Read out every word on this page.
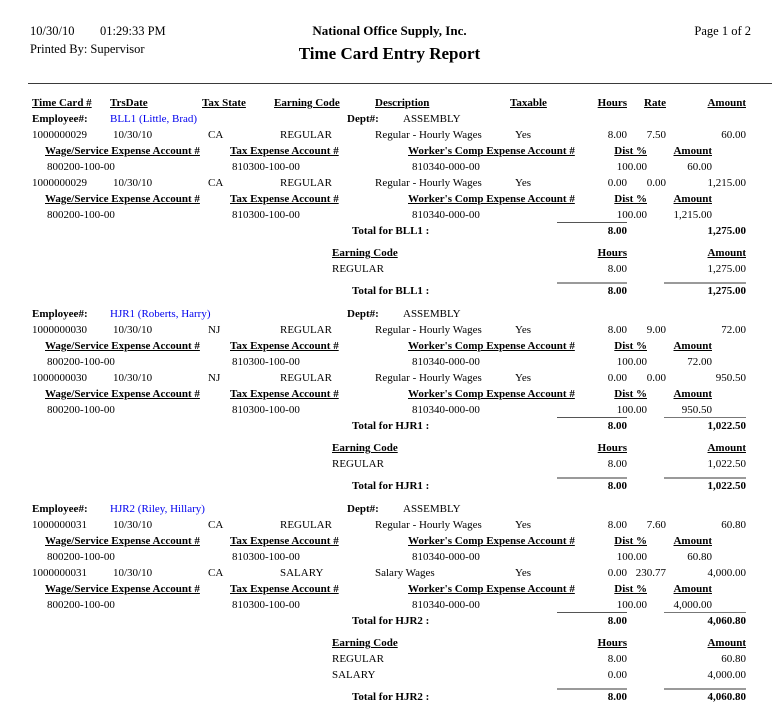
10/30/10 01:29:33 PM	National Office Supply, Inc.	Page 1 of 2
Printed By: Supervisor	Time Card Entry Report
Time Card # TrsDate	Tax State	Earning Code	Description	Taxable	Hours	Rate	Amount
Employee#: BLL1 (Little, Brad)	Dept#: ASSEMBLY
1000000029 10/30/10	CA	REGULAR	Regular - Hourly Wages	Yes	8.00	7.50	60.00
Wage/Service Expense Account #	Tax Expense Account #	Worker's Comp Expense Account #	Dist %	Amount
800200-100-00	810300-100-00	810340-000-00	100.00	60.00
1000000029 10/30/10	CA	REGULAR	Regular - Hourly Wages	Yes	0.00	0.00	1,215.00
Wage/Service Expense Account #	Tax Expense Account #	Worker's Comp Expense Account #	Dist %	Amount
800200-100-00	810300-100-00	810340-000-00	100.00	1,215.00
Total for BLL1 :	8.00	1,275.00
Earning Code	Hours	Amount
REGULAR	8.00	1,275.00
Total for BLL1 :	8.00	1,275.00
Employee#: HJR1 (Roberts, Harry)	Dept#: ASSEMBLY
1000000030 10/30/10	NJ	REGULAR	Regular - Hourly Wages	Yes	8.00	9.00	72.00
Wage/Service Expense Account #	Tax Expense Account #	Worker's Comp Expense Account #	Dist %	Amount
800200-100-00	810300-100-00	810340-000-00	100.00	72.00
1000000030 10/30/10	NJ	REGULAR	Regular - Hourly Wages	Yes	0.00	0.00	950.50
Wage/Service Expense Account #	Tax Expense Account #	Worker's Comp Expense Account #	Dist %	Amount
800200-100-00	810300-100-00	810340-000-00	100.00	950.50
Total for HJR1 :	8.00	1,022.50
Earning Code	Hours	Amount
REGULAR	8.00	1,022.50
Total for HJR1 :	8.00	1,022.50
Employee#: HJR2 (Riley, Hillary)	Dept#: ASSEMBLY
1000000031 10/30/10	CA	REGULAR	Regular - Hourly Wages	Yes	8.00	7.60	60.80
Wage/Service Expense Account #	Tax Expense Account #	Worker's Comp Expense Account #	Dist %	Amount
800200-100-00	810300-100-00	810340-000-00	100.00	60.80
1000000031 10/30/10	CA	SALARY	Salary Wages	Yes	0.00 230.77	4,000.00
Wage/Service Expense Account #	Tax Expense Account #	Worker's Comp Expense Account #	Dist %	Amount
800200-100-00	810300-100-00	810340-000-00	100.00	4,000.00
Total for HJR2 :	8.00	4,060.80
Earning Code	Hours	Amount
REGULAR	8.00	60.80
SALARY	0.00	4,000.00
Total for HJR2 :	8.00	4,060.80
